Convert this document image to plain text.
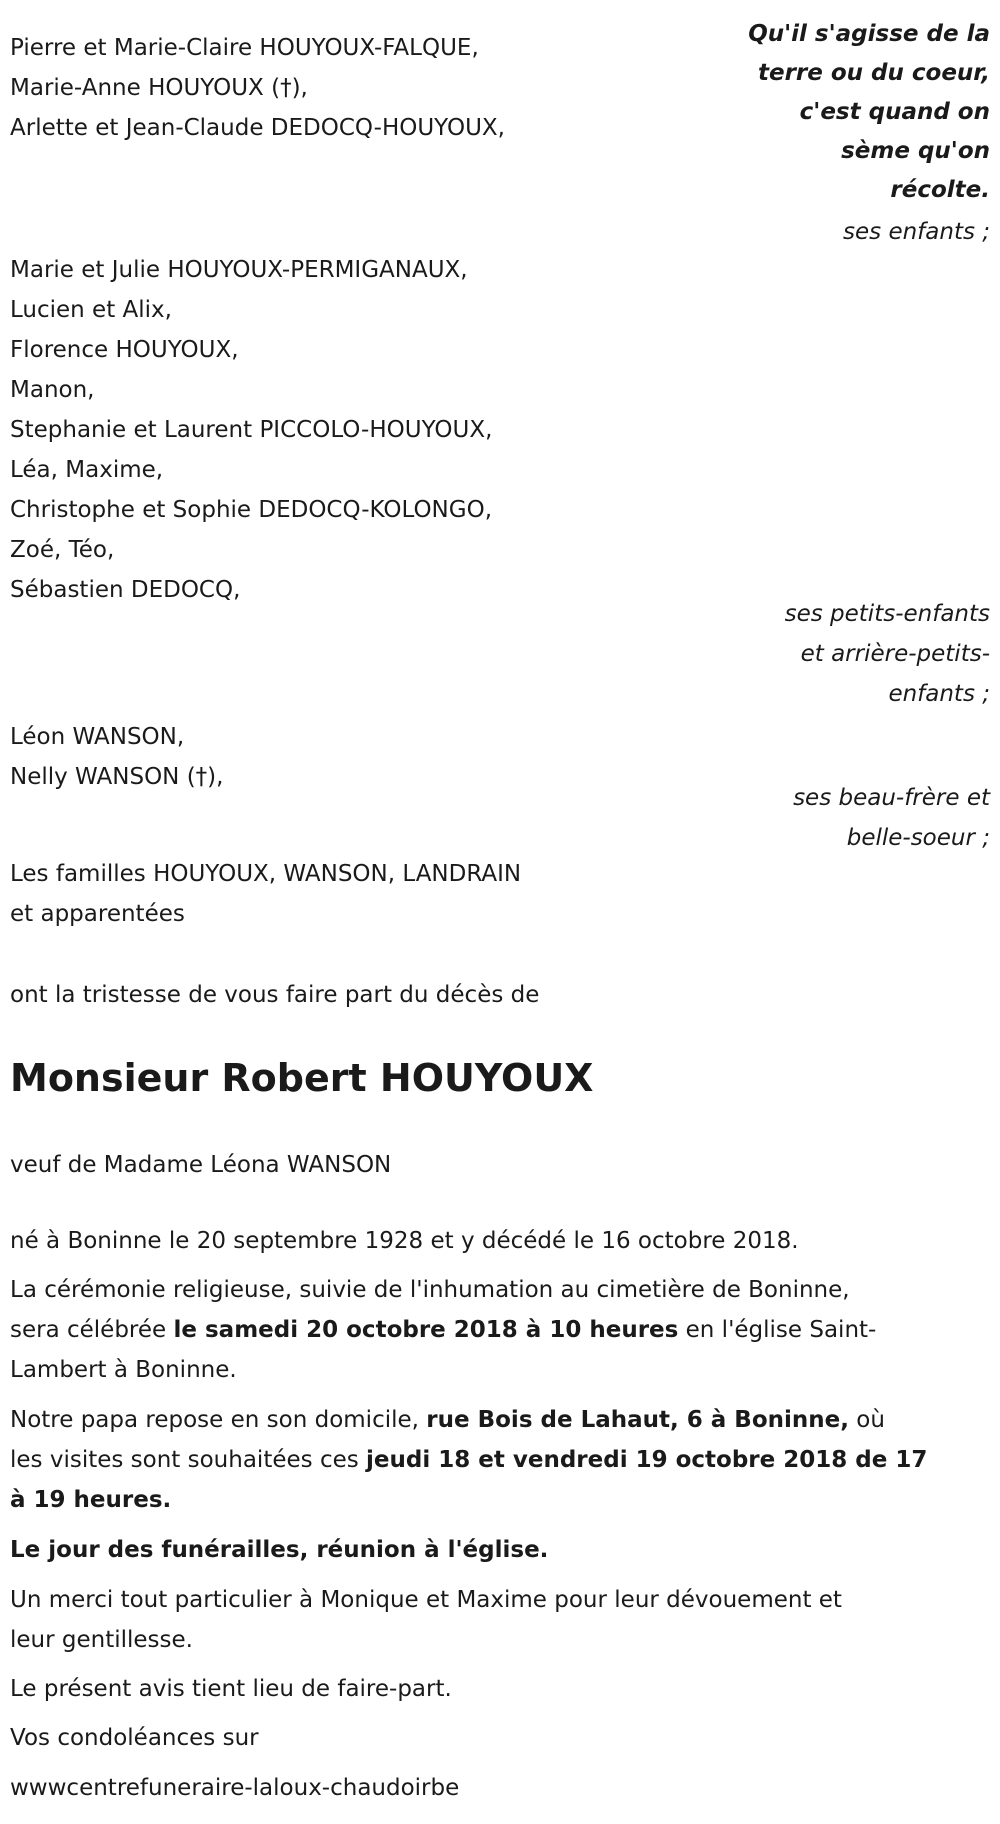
Pierre et Marie-Claire HOUYOUX-FALQUE,
Marie-Anne HOUYOUX (†),
Arlette et Jean-Claude DEDOCQ-HOUYOUX,
Qu'il s'agisse de la
terre ou du coeur,
c'est quand on
sème qu'on
récolte.
ses enfants ;
Marie et Julie HOUYOUX-PERMIGANAUX,
Lucien et Alix,
Florence HOUYOUX,
Manon,
Stephanie et Laurent PICCOLO-HOUYOUX,
Léa, Maxime,
Christophe et Sophie DEDOCQ-KOLONGO,
Zoé, Téo,
Sébastien DEDOCQ,
ses petits-enfants
et arrière-petits-
enfants ;
Léon WANSON,
Nelly WANSON (†),
ses beau-frère et
belle-soeur ;
Les familles HOUYOUX, WANSON, LANDRAIN
et apparentées
ont la tristesse de vous faire part du décès de
Monsieur Robert HOUYOUX
veuf de Madame Léona WANSON
né à Boninne le 20 septembre 1928 et y décédé le 16 octobre 2018.
La cérémonie religieuse, suivie de l'inhumation au cimetière de Boninne,
sera célébrée le samedi 20 octobre 2018 à 10 heures en l'église Saint-
Lambert à Boninne.
Notre papa repose en son domicile, rue Bois de Lahaut, 6 à Boninne, où
les visites sont souhaitées ces jeudi 18 et vendredi 19 octobre 2018 de 17
à 19 heures.
Le jour des funérailles, réunion à l'église.
Un merci tout particulier à Monique et Maxime pour leur dévouement et
leur gentillesse.
Le présent avis tient lieu de faire-part.
Vos condoléances sur
wwwcentrefuneraire-laloux-chaudoirbe
